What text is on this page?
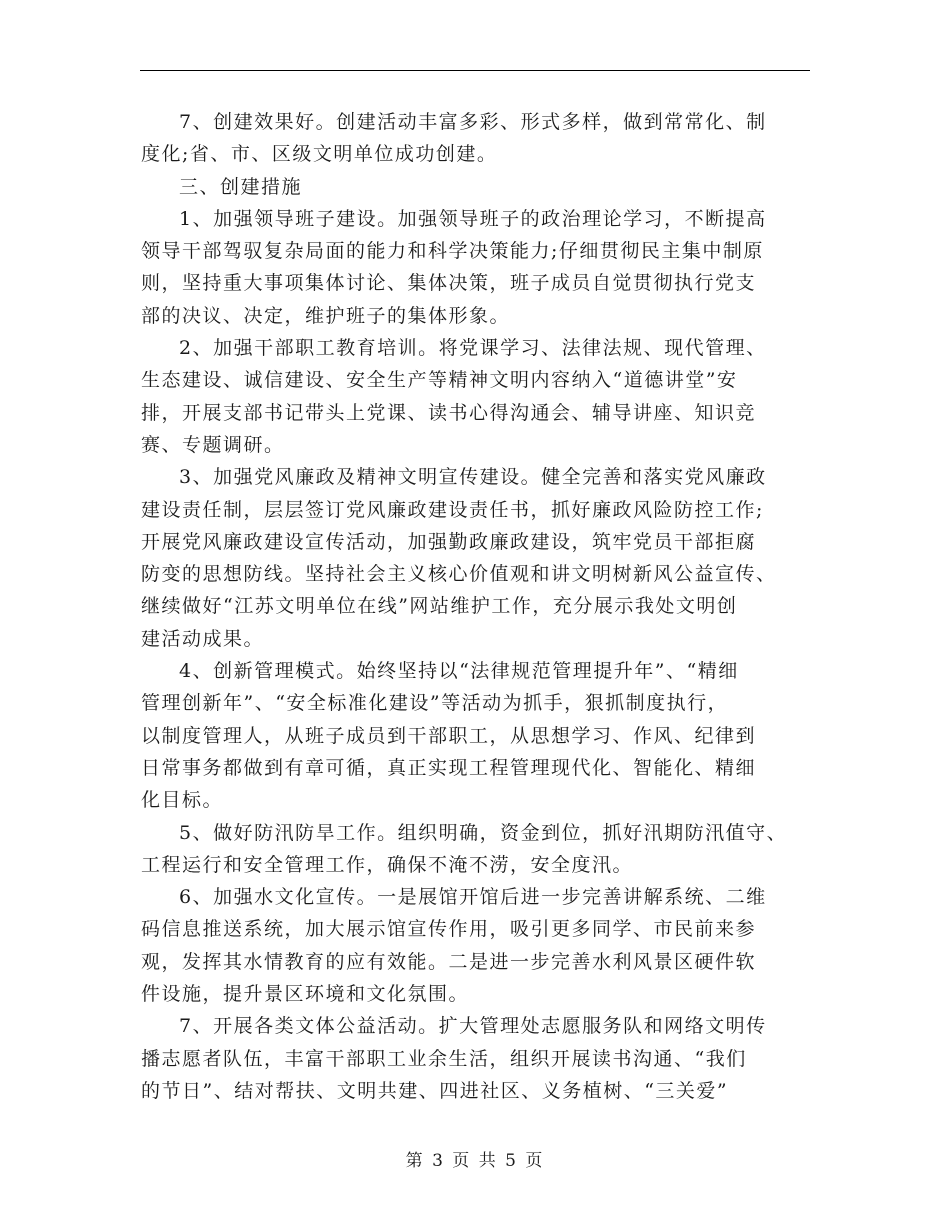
7、创建效果好。创建活动丰富多彩、形式多样，做到常常化、制
度化;省、市、区级文明单位成功创建。
三、创建措施
1、加强领导班子建设。加强领导班子的政治理论学习，不断提高
领导干部驾驭复杂局面的能力和科学决策能力;仔细贯彻民主集中制原
则，坚持重大事项集体讨论、集体决策，班子成员自觉贯彻执行党支
部的决议、决定，维护班子的集体形象。
2、加强干部职工教育培训。将党课学习、法律法规、现代管理、
生态建设、诚信建设、安全生产等精神文明内容纳入“道德讲堂”安
排，开展支部书记带头上党课、读书心得沟通会、辅导讲座、知识竞
赛、专题调研。
3、加强党风廉政及精神文明宣传建设。健全完善和落实党风廉政
建设责任制，层层签订党风廉政建设责任书，抓好廉政风险防控工作;
开展党风廉政建设宣传活动，加强勤政廉政建设，筑牢党员干部拒腐
防变的思想防线。坚持社会主义核心价值观和讲文明树新风公益宣传、
继续做好“江苏文明单位在线”网站维护工作，充分展示我处文明创
建活动成果。
4、创新管理模式。始终坚持以“法律规范管理提升年”、“精细
管理创新年”、“安全标准化建设”等活动为抓手，狠抓制度执行，
以制度管理人，从班子成员到干部职工，从思想学习、作风、纪律到
日常事务都做到有章可循，真正实现工程管理现代化、智能化、精细
化目标。
5、做好防汛防旱工作。组织明确，资金到位，抓好汛期防汛值守、
工程运行和安全管理工作，确保不淹不涝，安全度汛。
6、加强水文化宣传。一是展馆开馆后进一步完善讲解系统、二维
码信息推送系统，加大展示馆宣传作用，吸引更多同学、市民前来参
观，发挥其水情教育的应有效能。二是进一步完善水利风景区硬件软
件设施，提升景区环境和文化氛围。
7、开展各类文体公益活动。扩大管理处志愿服务队和网络文明传
播志愿者队伍，丰富干部职工业余生活，组织开展读书沟通、“我们
的节日”、结对帮扶、文明共建、四进社区、义务植树、“三关爱”
第 3 页 共 5 页
